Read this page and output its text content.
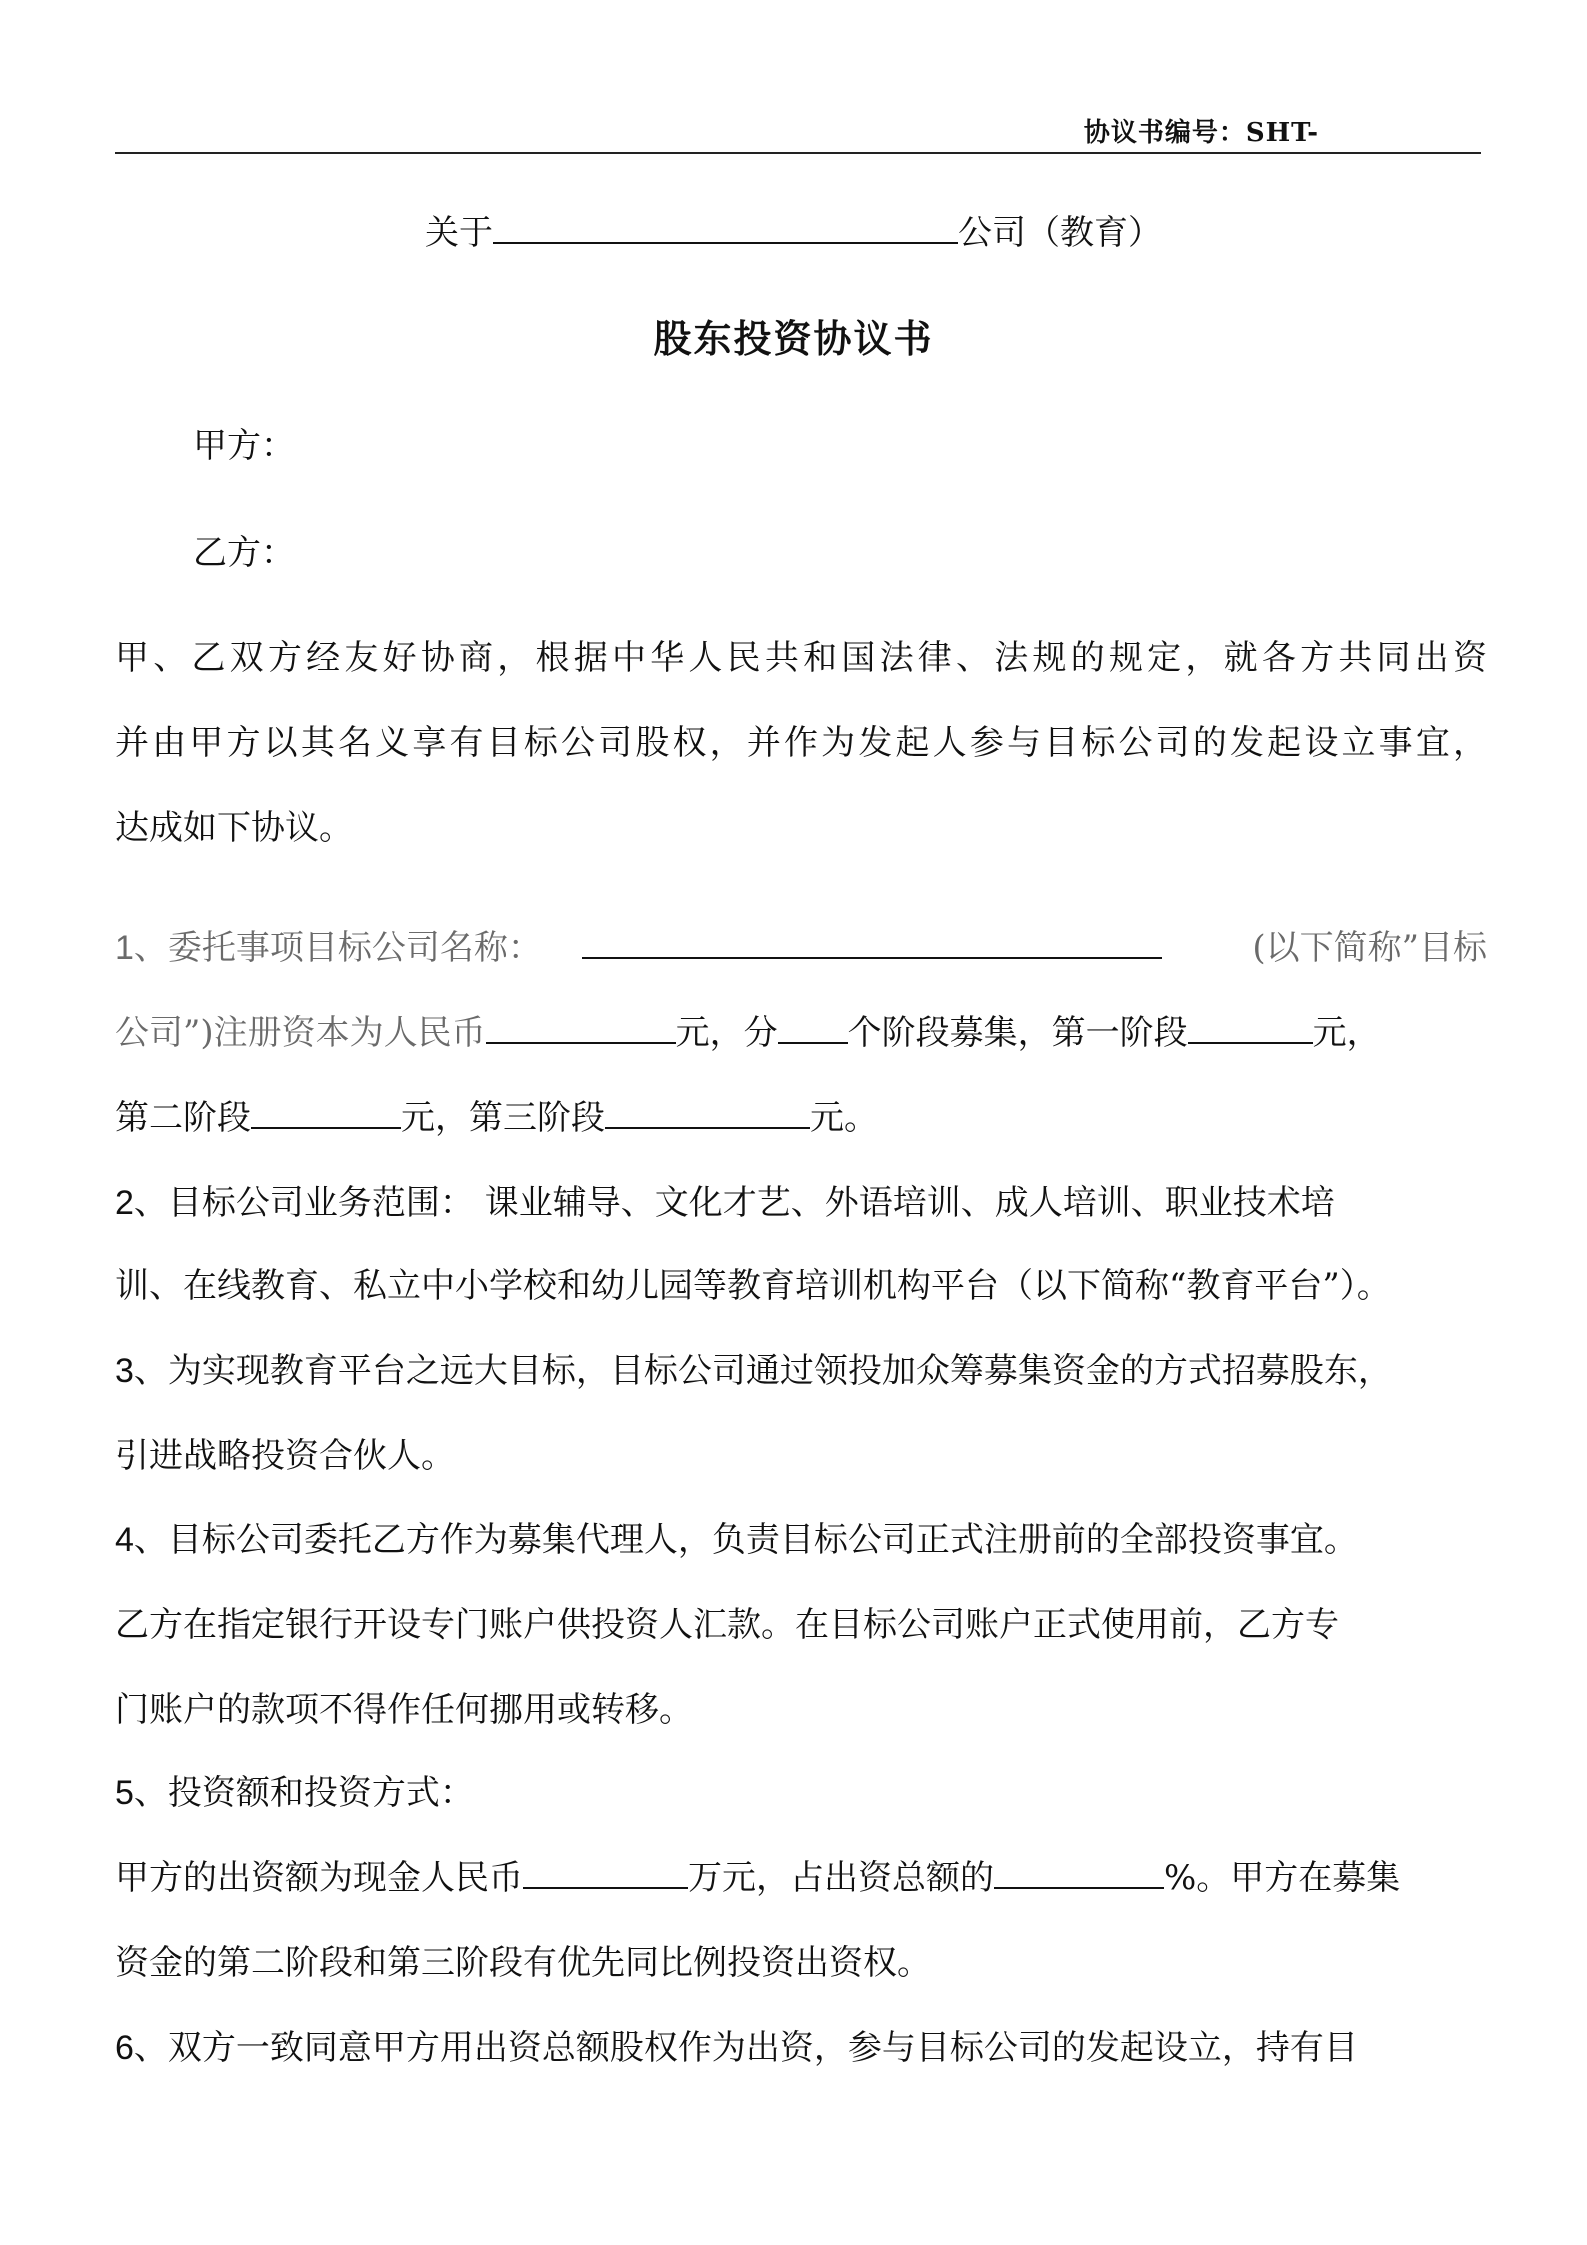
协议书编号：SHT-
关于	公司（教育）
股东投资协议书
甲方：
乙方：
甲、乙双方经友好协商，根据中华人民共和国法律、法规的规定，就各方共同出资
并由甲方以其名义享有目标公司股权，并作为发起人参与目标公司的发起设立事宜，
达成如下协议。
1、委托事项目标公司名称：	(以下简称”目标
公司”)注册资本为人民币	元，分 个阶段募集，第一阶段	元，
第二阶段	元，第三阶段	元。
2、目标公司业务范围： 课业辅导、文化才艺、外语培训、成人培训、职业技术培
训、在线教育、私立中小学校和幼儿园等教育培训机构平台（以下简称“教育平台”）。
3、为实现教育平台之远大目标，目标公司通过领投加众筹募集资金的方式招募股东，
引进战略投资合伙人。
4、目标公司委托乙方作为募集代理人，负责目标公司正式注册前的全部投资事宜。
乙方在指定银行开设专门账户供投资人汇款。在目标公司账户正式使用前，乙方专
门账户的款项不得作任何挪用或转移。
5、投资额和投资方式：
甲方的出资额为现金人民币	万元，占出资总额的	%。甲方在募集
资金的第二阶段和第三阶段有优先同比例投资出资权。
6、双方一致同意甲方用出资总额股权作为出资，参与目标公司的发起设立，持有目
